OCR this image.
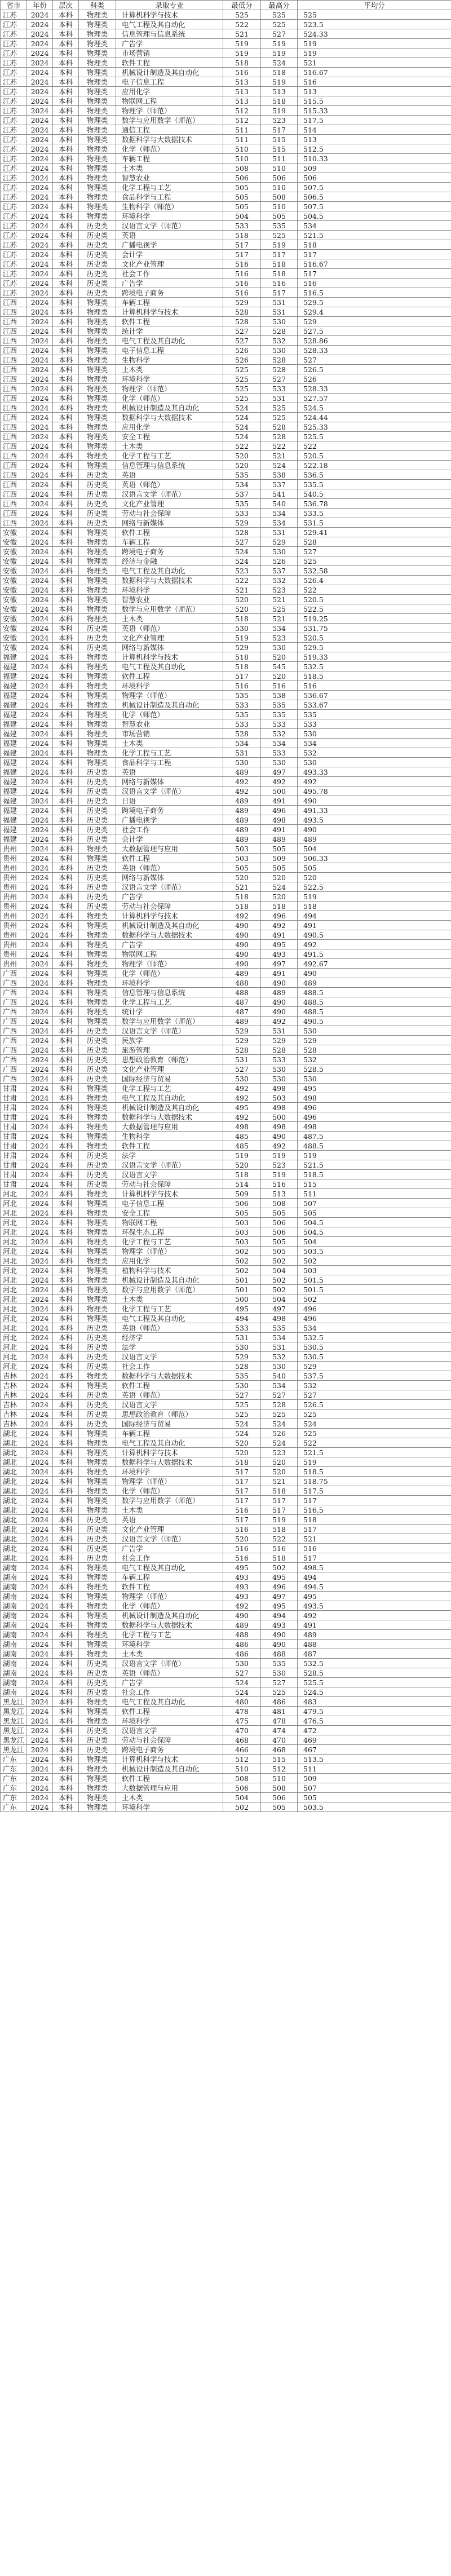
省市	年份	层次	科类	录取专业	最低分	最高分	平均分
江苏	2024	本科	物理类	计算机科学与技术	525	525	525
江苏	2024	本科	物理类	电气工程及其自动化	522	525	523.5
江苏	2024	本科	物理类	信息管理与信息系统	521	527	524.33
江苏	2024	本科	物理类	广告学	519	519	519
江苏	2024	本科	物理类	市场营销	519	519	519
江苏	2024	本科	物理类	软件工程	518	524	521
江苏	2024	本科	物理类	机械设计制造及其自动化	516	518	516.67
江苏	2024	本科	物理类	电子信息工程	513	519	516
江苏	2024	本科	物理类	应用化学	513	513	513
江苏	2024	本科	物理类	物联网工程	513	518	515.5
江苏	2024	本科	物理类	物理学（师范）	512	519	515.33
江苏	2024	本科	物理类	数学与应用数学（师范）	512	523	517.5
江苏	2024	本科	物理类	通信工程	511	517	514
江苏	2024	本科	物理类	数据科学与大数据技术	511	515	513
江苏	2024	本科	物理类	化学（师范）	510	515	512.5
江苏	2024	本科	物理类	车辆工程	510	511	510.33
江苏	2024	本科	物理类	土木类	508	510	509
江苏	2024	本科	物理类	智慧农业	506	506	506
江苏	2024	本科	物理类	化学工程与工艺	505	510	507.5
江苏	2024	本科	物理类	食品科学与工程	505	508	506.5
江苏	2024	本科	物理类	生物科学（师范）	505	510	507.5
江苏	2024	本科	物理类	环境科学	504	505	504.5
江苏	2024	本科	历史类	汉语言文学（师范）	533	535	534
江苏	2024	本科	历史类	英语	518	525	521.5
江苏	2024	本科	历史类	广播电视学	517	519	518
江苏	2024	本科	历史类	会计学	517	517	517
江苏	2024	本科	历史类	文化产业管理	516	518	516.67
江苏	2024	本科	历史类	社会工作	516	518	517
江苏	2024	本科	历史类	广告学	516	516	516
江苏	2024	本科	历史类	跨境电子商务	516	517	516.5
江西	2024	本科	物理类	车辆工程	529	531	529.5
江西	2024	本科	物理类	计算机科学与技术	528	531	529.4
江西	2024	本科	物理类	软件工程	528	530	529
江西	2024	本科	物理类	统计学	527	528	527.5
江西	2024	本科	物理类	电气工程及其自动化	527	532	528.86
江西	2024	本科	物理类	电子信息工程	526	530	528.33
江西	2024	本科	物理类	生物科学	526	528	527
江西	2024	本科	物理类	土木类	525	528	526.5
江西	2024	本科	物理类	环境科学	525	527	526
江西	2024	本科	物理类	物理学（师范）	525	533	528.33
江西	2024	本科	物理类	化学（师范）	525	531	527.57
江西	2024	本科	物理类	机械设计制造及其自动化	524	525	524.5
江西	2024	本科	物理类	数据科学与大数据技术	524	525	524.44
江西	2024	本科	物理类	应用化学	524	528	525.33
江西	2024	本科	物理类	安全工程	524	528	525.5
江西	2024	本科	物理类	土木类	522	522	522
江西	2024	本科	物理类	化学工程与工艺	520	521	520.5
江西	2024	本科	物理类	信息管理与信息系统	520	524	522.18
江西	2024	本科	历史类	英语	535	538	536.5
江西	2024	本科	历史类	英语（师范）	534	537	535.5
江西	2024	本科	历史类	汉语言文学（师范）	537	541	540.5
江西	2024	本科	历史类	文化产业管理	535	540	536.78
江西	2024	本科	历史类	劳动与社会保障	533	534	533.5
江西	2024	本科	历史类	网络与新媒体	529	534	531.5
安徽	2024	本科	物理类	软件工程	528	531	529.41
安徽	2024	本科	物理类	车辆工程	527	529	528
安徽	2024	本科	物理类	跨境电子商务	524	530	527
安徽	2024	本科	物理类	经济与金融	524	526	525
安徽	2024	本科	物理类	电气工程及其自动化	523	537	532.58
安徽	2024	本科	物理类	数据科学与大数据技术	522	532	526.4
安徽	2024	本科	物理类	环境科学	521	523	522
安徽	2024	本科	物理类	智慧农业	520	521	520.5
安徽	2024	本科	物理类	数学与应用数学（师范）	520	525	522.5
安徽	2024	本科	物理类	土木类	518	521	519.25
安徽	2024	本科	历史类	英语（师范）	530	534	531.75
安徽	2024	本科	历史类	文化产业管理	519	523	520.5
安徽	2024	本科	历史类	网络与新媒体	529	530	529.5
福建	2024	本科	物理类	计算机科学与技术	518	520	519.33
福建	2024	本科	物理类	电气工程及其自动化	518	545	532.5
福建	2024	本科	物理类	软件工程	517	520	518.5
福建	2024	本科	物理类	环境科学	516	516	516
福建	2024	本科	物理类	物理学（师范）	535	538	536.67
福建	2024	本科	物理类	机械设计制造及其自动化	533	535	533.67
福建	2024	本科	物理类	化学（师范）	535	535	535
福建	2024	本科	物理类	智慧农业	533	533	533
福建	2024	本科	物理类	市场营销	528	532	530
福建	2024	本科	物理类	土木类	534	534	534
福建	2024	本科	物理类	化学工程与工艺	531	533	532
福建	2024	本科	物理类	食品科学与工程	530	530	530
福建	2024	本科	历史类	英语	489	497	493.33
福建	2024	本科	历史类	网络与新媒体	492	492	492
福建	2024	本科	历史类	汉语言文学（师范）	492	500	495.78
福建	2024	本科	历史类	日语	489	491	490
福建	2024	本科	历史类	跨境电子商务	489	496	491.33
福建	2024	本科	历史类	广播电视学	489	498	493.5
福建	2024	本科	历史类	社会工作	489	491	490
福建	2024	本科	历史类	会计学	489	489	489
贵州	2024	本科	物理类	大数据管理与应用	503	505	504
贵州	2024	本科	物理类	软件工程	503	509	506.33
贵州	2024	本科	历史类	英语（师范）	505	505	505
贵州	2024	本科	历史类	网络与新媒体	520	520	520
贵州	2024	本科	历史类	汉语言文学（师范）	521	524	522.5
贵州	2024	本科	历史类	广告学	518	520	519
贵州	2024	本科	历史类	劳动与社会保障	518	518	518
贵州	2024	本科	物理类	计算机科学与技术	492	496	494
贵州	2024	本科	物理类	机械设计制造及其自动化	490	492	491
贵州	2024	本科	物理类	数据科学与大数据技术	490	491	490.5
贵州	2024	本科	物理类	广告学	490	495	492
贵州	2024	本科	物理类	物联网工程	490	493	491.5
贵州	2024	本科	物理类	物理学（师范）	490	497	492.67
广西	2024	本科	物理类	化学（师范）	489	491	490
广西	2024	本科	物理类	环境科学	488	490	489
广西	2024	本科	物理类	信息管理与信息系统	488	489	488.5
广西	2024	本科	物理类	化学工程与工艺	487	490	488.5
广西	2024	本科	物理类	统计学	487	490	488.5
广西	2024	本科	物理类	数学与应用数学（师范）	489	492	490.5
广西	2024	本科	历史类	汉语言文学（师范）	529	531	530
广西	2024	本科	历史类	民族学	529	529	529
广西	2024	本科	历史类	旅游管理	528	528	528
广西	2024	本科	历史类	思想政治教育（师范）	531	533	532
广西	2024	本科	历史类	文化产业管理	527	530	528.5
广西	2024	本科	历史类	国际经济与贸易	530	530	530
甘肃	2024	本科	物理类	化学工程与工艺	492	498	495
甘肃	2024	本科	物理类	电气工程及其自动化	492	503	498
甘肃	2024	本科	物理类	机械设计制造及其自动化	495	498	496
甘肃	2024	本科	物理类	数据科学与大数据技术	492	500	496
甘肃	2024	本科	物理类	大数据管理与应用	498	498	498
甘肃	2024	本科	物理类	生物科学	485	490	487.5
甘肃	2024	本科	物理类	软件工程	485	492	488.5
甘肃	2024	本科	历史类	法学	519	519	519
甘肃	2024	本科	历史类	汉语言文学（师范）	520	523	521.5
甘肃	2024	本科	历史类	汉语言文学	518	519	518.5
甘肃	2024	本科	历史类	劳动与社会保障	514	516	515
河北	2024	本科	物理类	计算机科学与技术	509	513	511
河北	2024	本科	物理类	电子信息工程	506	508	507
河北	2024	本科	物理类	安全工程	505	505	505
河北	2024	本科	物理类	物联网工程	503	506	504.5
河北	2024	本科	物理类	环保生态工程	503	506	504.5
河北	2024	本科	物理类	化学工程与工艺	503	505	504
河北	2024	本科	物理类	物理学（师范）	502	505	503.5
河北	2024	本科	物理类	应用化学	502	502	502
河北	2024	本科	物理类	植物科学与技术	502	504	503
河北	2024	本科	物理类	机械设计制造及其自动化	501	502	501.5
河北	2024	本科	物理类	数学与应用数学（师范）	501	502	501.5
河北	2024	本科	物理类	土木类	500	504	502
河北	2024	本科	物理类	化学工程与工艺	495	497	496
河北	2024	本科	物理类	电气工程及其自动化	494	498	496
河北	2024	本科	历史类	英语（师范）	533	535	534
河北	2024	本科	历史类	经济学	531	534	532.5
河北	2024	本科	历史类	法学	530	531	530.5
河北	2024	本科	历史类	汉语言文学	529	532	530.5
河北	2024	本科	历史类	社会工作	528	530	529
吉林	2024	本科	物理类	数据科学与大数据技术	535	540	537.5
吉林	2024	本科	物理类	软件工程	530	534	532
吉林	2024	本科	历史类	英语（师范）	527	527	527
吉林	2024	本科	历史类	汉语言文学	525	528	526.5
吉林	2024	本科	历史类	思想政治教育（师范）	525	525	525
吉林	2024	本科	历史类	国际经济与贸易	524	524	524
湖北	2024	本科	物理类	车辆工程	524	526	525
湖北	2024	本科	物理类	电气工程及其自动化	520	524	522
湖北	2024	本科	物理类	计算机科学与技术	520	523	521.5
湖北	2024	本科	物理类	数据科学与大数据技术	518	520	519
湖北	2024	本科	物理类	环境科学	517	520	518.5
湖北	2024	本科	物理类	物理学（师范）	517	521	518.75
湖北	2024	本科	物理类	化学（师范）	517	518	517.5
湖北	2024	本科	物理类	数学与应用数学（师范）	517	517	517
湖北	2024	本科	物理类	土木类	516	517	516.5
湖北	2024	本科	历史类	英语	517	519	518
湖北	2024	本科	历史类	文化产业管理	516	518	517
湖北	2024	本科	历史类	汉语言文学（师范）	520	522	521
湖北	2024	本科	历史类	广告学	516	516	516
湖北	2024	本科	历史类	社会工作	516	518	517
湖南	2024	本科	物理类	电气工程及其自动化	495	502	498.5
湖南	2024	本科	物理类	车辆工程	493	495	494
湖南	2024	本科	物理类	软件工程	493	496	494.5
湖南	2024	本科	物理类	物理学（师范）	493	497	495
湖南	2024	本科	物理类	化学（师范）	492	495	493.5
湖南	2024	本科	物理类	机械设计制造及其自动化	490	494	492
湖南	2024	本科	物理类	数据科学与大数据技术	489	493	491
湖南	2024	本科	物理类	化学工程与工艺	488	490	489
湖南	2024	本科	物理类	环境科学	486	490	488
湖南	2024	本科	物理类	土木类	486	488	487
湖南	2024	本科	历史类	汉语言文学（师范）	530	535	532.5
湖南	2024	本科	历史类	英语（师范）	527	530	528.5
湖南	2024	本科	历史类	广告学	524	527	525.5
湖南	2024	本科	历史类	社会工作	524	525	524.5
黑龙江	2024	本科	物理类	电气工程及其自动化	480	486	483
黑龙江	2024	本科	物理类	软件工程	478	481	479.5
黑龙江	2024	本科	物理类	环境科学	475	478	476.5
黑龙江	2024	本科	历史类	汉语言文学	470	474	472
黑龙江	2024	本科	历史类	劳动与社会保障	468	470	469
黑龙江	2024	本科	历史类	跨境电子商务	466	468	467
广东	2024	本科	物理类	计算机科学与技术	512	515	513.5
广东	2024	本科	物理类	机械设计制造及其自动化	510	512	511
广东	2024	本科	物理类	软件工程	508	510	509
广东	2024	本科	物理类	大数据管理与应用	506	508	507
广东	2024	本科	物理类	土木类	504	506	505
广东	2024	本科	物理类	环境科学	502	505	503.5
